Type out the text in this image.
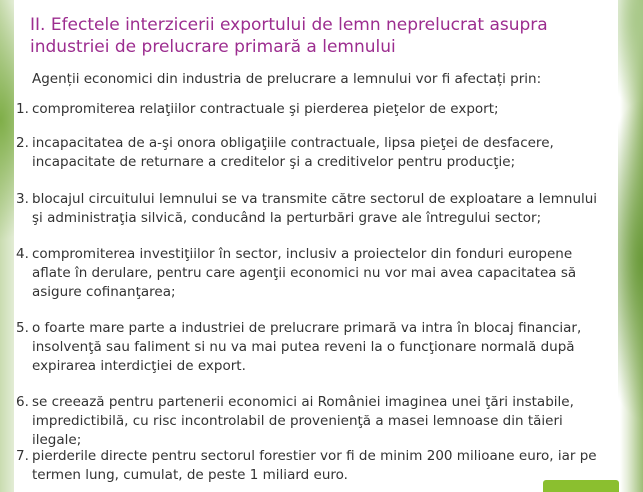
II. Efectele interzicerii exportului de lemn neprelucrat asupra industriei de prelucrare primară a lemnului

Agenții economici din industria de prelucrare a lemnului vor fi afectați prin:

1. compromiterea relaţiilor contractuale şi pierderea pieţelor de export;
2. incapacitatea de a-şi onora obligaţiile contractuale, lipsa pieţei de desfacere, incapacitate de returnare a creditelor şi a creditivelor pentru producţie;
3. blocajul circuitului lemnului se va transmite către sectorul de exploatare a lemnului şi administraţia silvică, conducând la perturbări grave ale întregului sector;
4. compromiterea investiţiilor în sector, inclusiv a proiectelor din fonduri europene aflate în derulare, pentru care agenţii economici nu vor mai avea capacitatea să asigure cofinanţarea;
5. o foarte mare parte a industriei de prelucrare primară va intra în blocaj financiar, insolvenţă sau faliment si nu va mai putea reveni la o funcţionare normală după expirarea interdicţiei de export.
6. se creează pentru partenerii economici ai României imaginea unei ţări instabile, impredictibilă, cu risc incontrolabil de provenienţă a masei lemnoase din tăieri ilegale;
7. pierderile directe pentru sectorul forestier vor fi de minim 200 milioane euro, iar pe termen lung, cumulat, de peste 1 miliard euro.
